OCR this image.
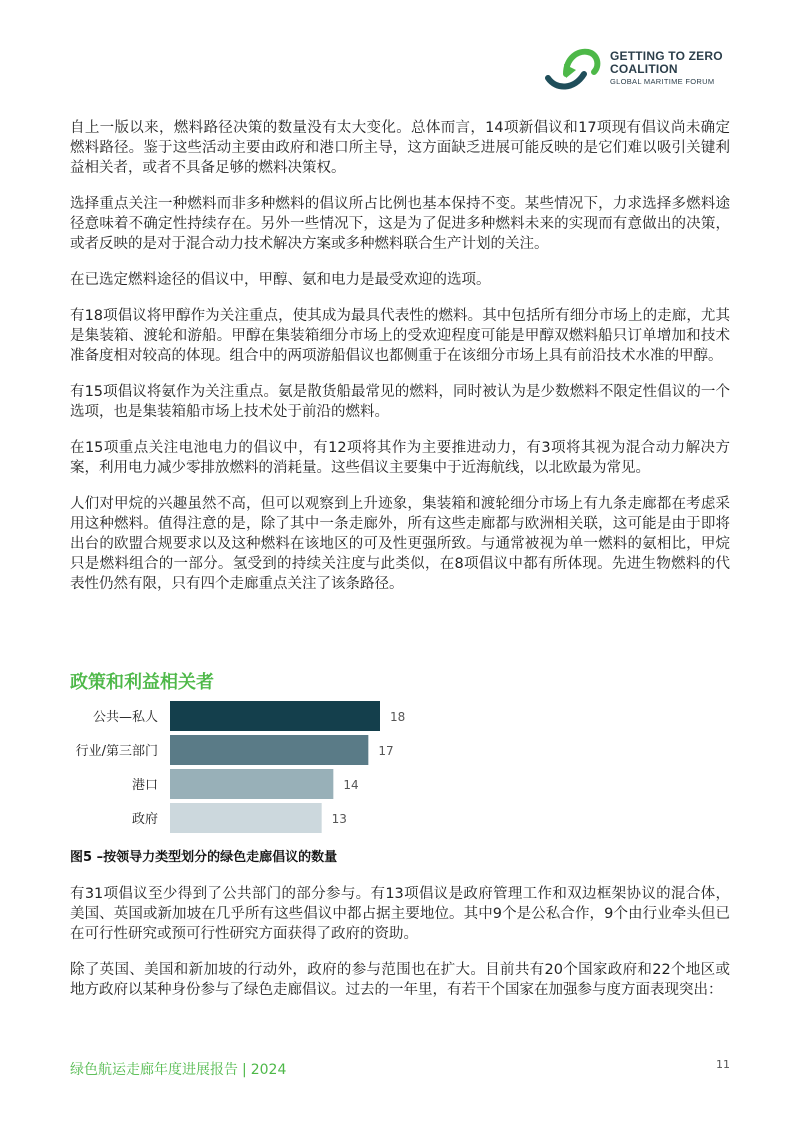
GETTING TO ZERO
COALITION
GLOBAL MARITIME FORUM

自上一版以来，燃料路径决策的数量没有太大变化。总体而言，14项新倡议和17项现有倡议尚未确定燃料路径。鉴于这些活动主要由政府和港口所主导，这方面缺乏进展可能反映的是它们难以吸引关键利益相关者，或者不具备足够的燃料决策权。

选择重点关注一种燃料而非多种燃料的倡议所占比例也基本保持不变。某些情况下，力求选择多燃料途径意味着不确定性持续存在。另外一些情况下，这是为了促进多种燃料未来的实现而有意做出的决策，或者反映的是对于混合动力技术解决方案或多种燃料联合生产计划的关注。

在已选定燃料途径的倡议中，甲醇、氨和电力是最受欢迎的选项。

有18项倡议将甲醇作为关注重点，使其成为最具代表性的燃料。其中包括所有细分市场上的走廊，尤其是集装箱、渡轮和游船。甲醇在集装箱细分市场上的受欢迎程度可能是甲醇双燃料船只订单增加和技术准备度相对较高的体现。组合中的两项游船倡议也都侧重于在该细分市场上具有前沿技术水准的甲醇。

有15项倡议将氨作为关注重点。氨是散货船最常见的燃料，同时被认为是少数燃料不限定性倡议的一个选项，也是集装箱船市场上技术处于前沿的燃料。

在15项重点关注电池电力的倡议中，有12项将其作为主要推进动力，有3项将其视为混合动力解决方案，利用电力减少零排放燃料的消耗量。这些倡议主要集中于近海航线，以北欧最为常见。

人们对甲烷的兴趣虽然不高，但可以观察到上升迹象，集装箱和渡轮细分市场上有九条走廊都在考虑采用这种燃料。值得注意的是，除了其中一条走廊外，所有这些走廊都与欧洲相关联，这可能是由于即将出台的欧盟合规要求以及这种燃料在该地区的可及性更强所致。与通常被视为单一燃料的氨相比，甲烷只是燃料组合的一部分。氢受到的持续关注度与此类似，在8项倡议中都有所体现。先进生物燃料的代表性仍然有限，只有四个走廊重点关注了该条路径。

政策和利益相关者
公共—私人	18
行业/第三部门	17
港口	14
政府	13

图5 –按领导力类型划分的绿色走廊倡议的数量

有31项倡议至少得到了公共部门的部分参与。有13项倡议是政府管理工作和双边框架协议的混合体，美国、英国或新加坡在几乎所有这些倡议中都占据主要地位。其中9个是公私合作，9个由行业牵头但已在可行性研究或预可行性研究方面获得了政府的资助。

除了英国、美国和新加坡的行动外，政府的参与范围也在扩大。目前共有20个国家政府和22个地区或地方政府以某种身份参与了绿色走廊倡议。过去的一年里，有若干个国家在加强参与度方面表现突出：

绿色航运走廊年度进展报告 | 2024	11
